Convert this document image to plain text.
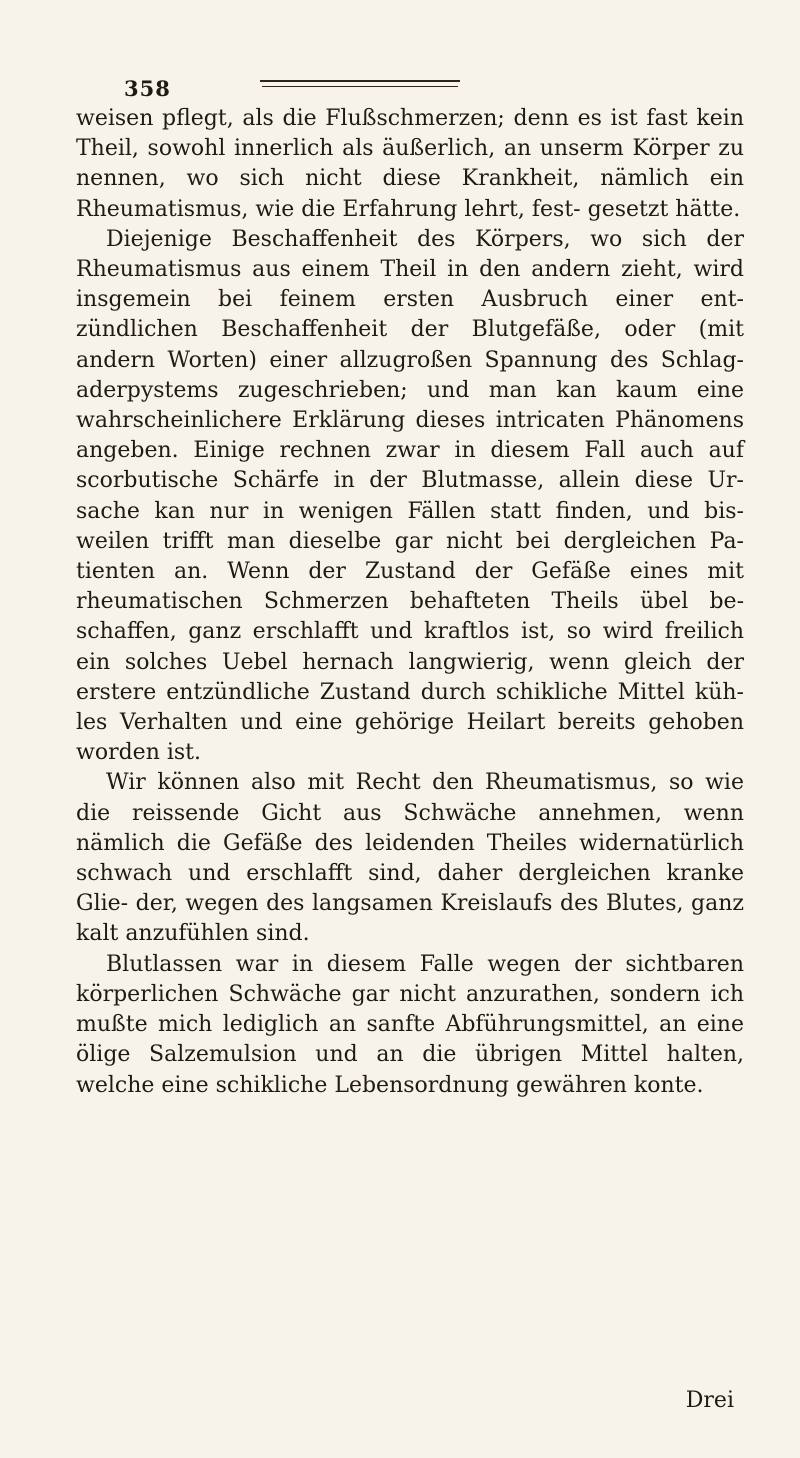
358

weisen pflegt, als die Flußschmerzen; denn es ist fast kein Theil, sowohl innerlich als äußerlich, an unserm Körper zu nennen, wo sich nicht diese Krankheit, nämlich ein Rheumatismus, wie die Erfahrung lehrt, fest- gesetzt hätte.

Diejenige Beschaffenheit des Körpers, wo sich der Rheumatismus aus einem Theil in den andern zieht, wird insgemein bei feinem ersten Ausbruch einer ent- zündlichen Beschaffenheit der Blutgefäße, oder (mit andern Worten) einer allzugroßen Spannung des Schlag- aderpystems zugeschrieben; und man kan kaum eine wahrscheinlichere Erklärung dieses intricaten Phänomens angeben. Einige rechnen zwar in diesem Fall auch auf scorbutische Schärfe in der Blutmasse, allein diese Ur- sache kan nur in wenigen Fällen statt finden, und bis- weilen trifft man dieselbe gar nicht bei dergleichen Pa- tienten an. Wenn der Zustand der Gefäße eines mit rheumatischen Schmerzen behafteten Theils übel be- schaffen, ganz erschlafft und kraftlos ist, so wird freilich ein solches Uebel hernach langwierig, wenn gleich der erstere entzündliche Zustand durch schikliche Mittel küh- les Verhalten und eine gehörige Heilart bereits gehoben worden ist.

Wir können also mit Recht den Rheumatismus, so wie die reissende Gicht aus Schwäche annehmen, wenn nämlich die Gefäße des leidenden Theiles widernatürlich schwach und erschlafft sind, daher dergleichen kranke Glie- der, wegen des langsamen Kreislaufs des Blutes, ganz kalt anzufühlen sind.

Blutlassen war in diesem Falle wegen der sichtbaren körperlichen Schwäche gar nicht anzurathen, sondern ich mußte mich lediglich an sanfte Abführungsmittel, an eine ölige Salzemulsion und an die übrigen Mittel halten, welche eine schikliche Lebensordnung gewähren konte.

Drei
